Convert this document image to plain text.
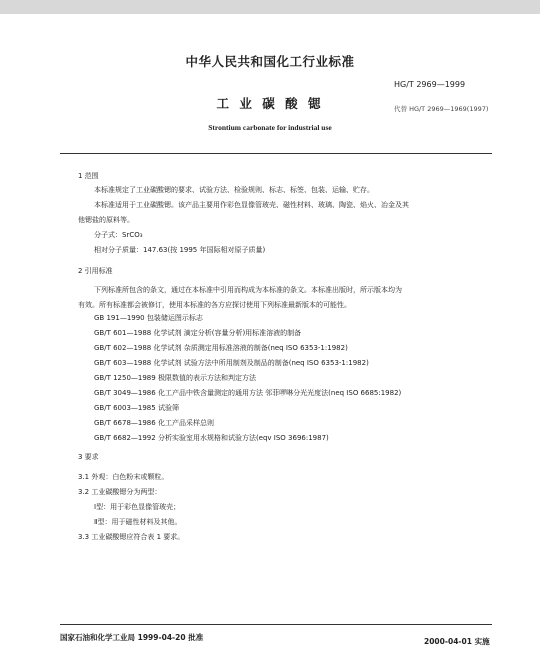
中华人民共和国化工行业标准
HG/T 2969—1999
工 业 碳 酸 锶	代替 HG/T 2969—1969(1997)
Strontium carbonate for industrial use
1 范围
本标准规定了工业碳酸锶的要求、试验方法、检验规则、标志、标签、包装、运输、贮存。
本标准适用于工业碳酸锶。该产品主要用作彩色显像管玻壳、磁性材料、玻璃、陶瓷、焰火、冶金及其
他锶盐的原料等。
分子式：SrCO₃
相对分子质量：147.63(按 1995 年国际相对原子质量)
2 引用标准
下列标准所包含的条文，通过在本标准中引用而构成为本标准的条文。本标准出版时，所示版本均为
有效。所有标准都会被修订，使用本标准的各方应探讨使用下列标准最新版本的可能性。
GB 191—1990 包装储运图示标志
GB/T 601—1988 化学试剂 滴定分析(容量分析)用标准溶液的制备
GB/T 602—1988 化学试剂 杂质测定用标准溶液的制备(neq ISO 6353-1:1982)
GB/T 603—1988 化学试剂 试验方法中所用制剂及制品的制备(neq ISO 6353-1:1982)
GB/T 1250—1989 极限数值的表示方法和判定方法
GB/T 3049—1986 化工产品中铁含量测定的通用方法 邻菲啰啉分光光度法(neq ISO 6685:1982)
GB/T 6003—1985 试验筛
GB/T 6678—1986 化工产品采样总则
GB/T 6682—1992 分析实验室用水规格和试验方法(eqv ISO 3696:1987)
3 要求
3.1 外观：白色粉末或颗粒。
3.2 工业碳酸锶分为两型：
Ⅰ型：用于彩色显像管玻壳；
Ⅱ型：用于磁性材料及其他。
3.3 工业碳酸锶应符合表 1 要求。
国家石油和化学工业局 1999-04-20 批准	2000-04-01 实施
